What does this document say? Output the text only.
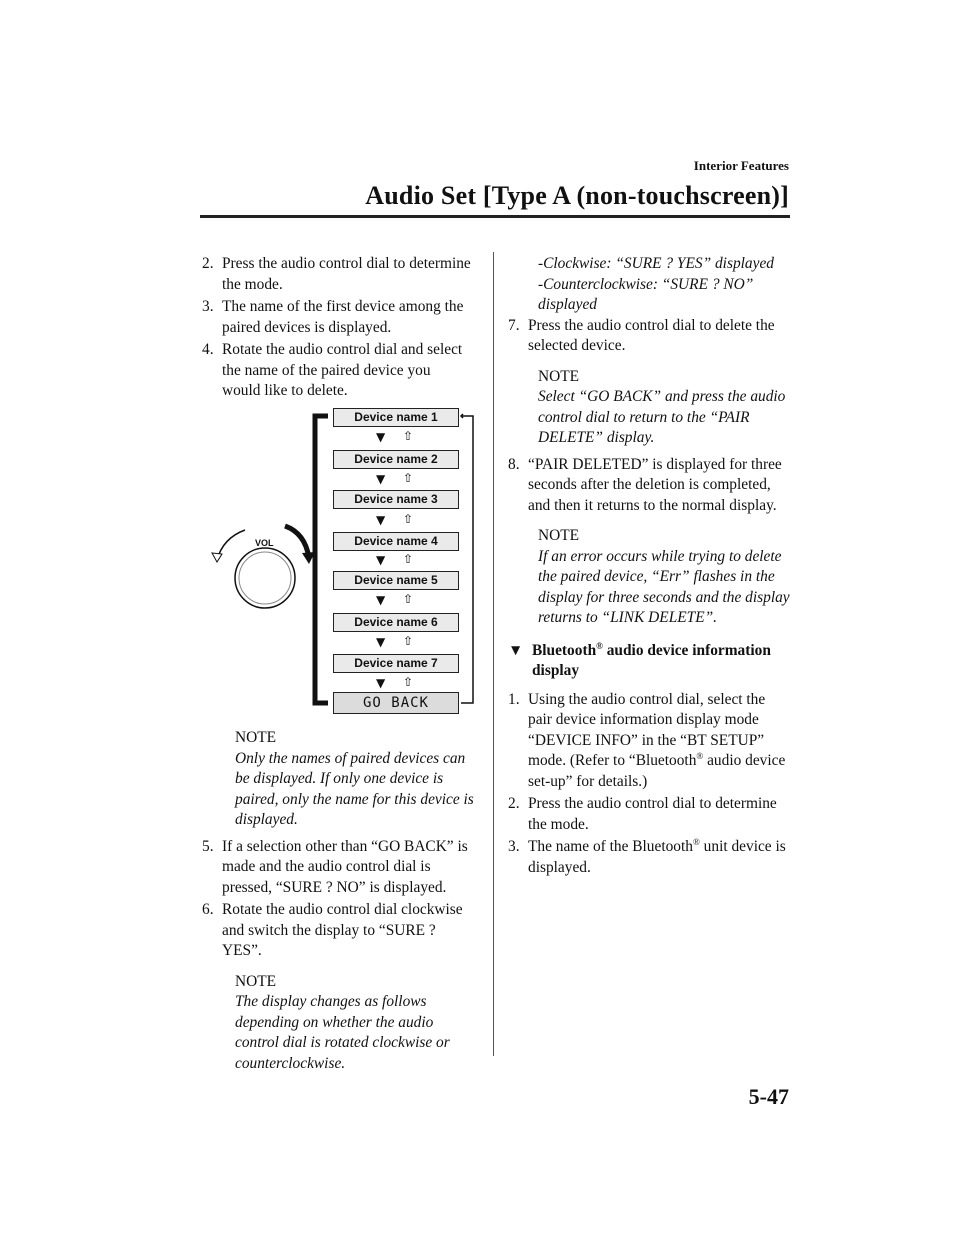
Interior Features
Audio Set [Type A (non-touchscreen)]
2. Press the audio control dial to determine the mode.
3. The name of the first device among the paired devices is displayed.
4. Rotate the audio control dial and select the name of the paired device you would like to delete.
VOL
Device name 1
▼ ⇧
Device name 2
▼ ⇧
Device name 3
▼ ⇧
Device name 4
▼ ⇧
Device name 5
▼ ⇧
Device name 6
▼ ⇧
Device name 7
▼ ⇧
GO BACK
NOTE
Only the names of paired devices can be displayed. If only one device is paired, only the name for this device is displayed.
5. If a selection other than “GO BACK” is made and the audio control dial is pressed, “SURE ? NO” is displayed.
6. Rotate the audio control dial clockwise and switch the display to “SURE ? YES”.
NOTE
The display changes as follows depending on whether the audio control dial is rotated clockwise or counterclockwise.
-Clockwise: “SURE ? YES” displayed
-Counterclockwise: “SURE ? NO” displayed
7. Press the audio control dial to delete the selected device.
NOTE
Select “GO BACK” and press the audio control dial to return to the “PAIR DELETE” display.
8. “PAIR DELETED” is displayed for three seconds after the deletion is completed, and then it returns to the normal display.
NOTE
If an error occurs while trying to delete the paired device, “Err” flashes in the display for three seconds and the display returns to “LINK DELETE”.
▼ Bluetooth® audio device information display
1. Using the audio control dial, select the pair device information display mode “DEVICE INFO” in the “BT SETUP” mode. (Refer to “Bluetooth® audio device set-up” for details.)
2. Press the audio control dial to determine the mode.
3. The name of the Bluetooth® unit device is displayed.
5-47
